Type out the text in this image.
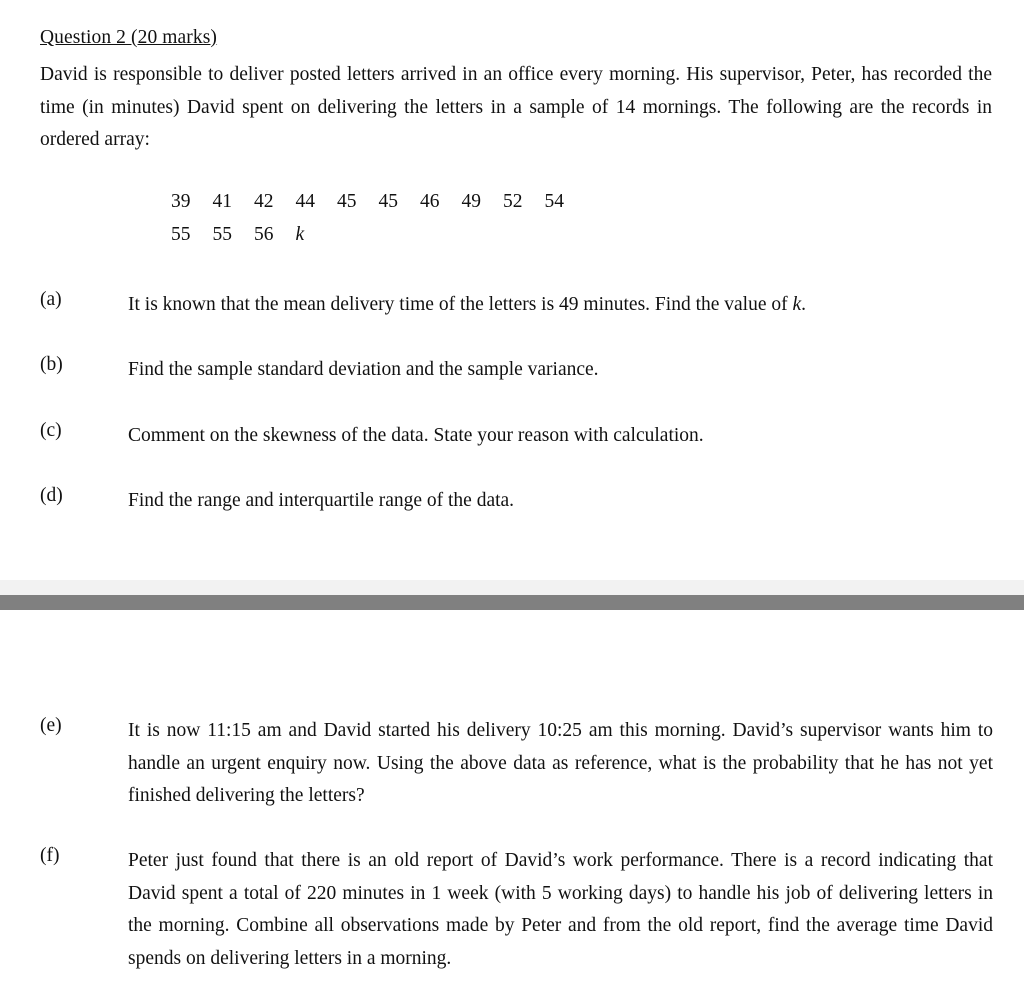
Question 2 (20 marks)
David is responsible to deliver posted letters arrived in an office every morning. His supervisor, Peter, has recorded the time (in minutes) David spent on delivering the letters in a sample of 14 mornings. The following are the records in ordered array:
39 41 42 44 45 45 46 49 52 54
55 55 56 k
(a)	It is known that the mean delivery time of the letters is 49 minutes. Find the value of k.
(b)	Find the sample standard deviation and the sample variance.
(c)	Comment on the skewness of the data. State your reason with calculation.
(d)	Find the range and interquartile range of the data.
(e)	It is now 11:15 am and David started his delivery 10:25 am this morning. David’s supervisor wants him to handle an urgent enquiry now. Using the above data as reference, what is the probability that he has not yet finished delivering the letters?
(f)	Peter just found that there is an old report of David’s work performance. There is a record indicating that David spent a total of 220 minutes in 1 week (with 5 working days) to handle his job of delivering letters in the morning. Combine all observations made by Peter and from the old report, find the average time David spends on delivering letters in a morning.
